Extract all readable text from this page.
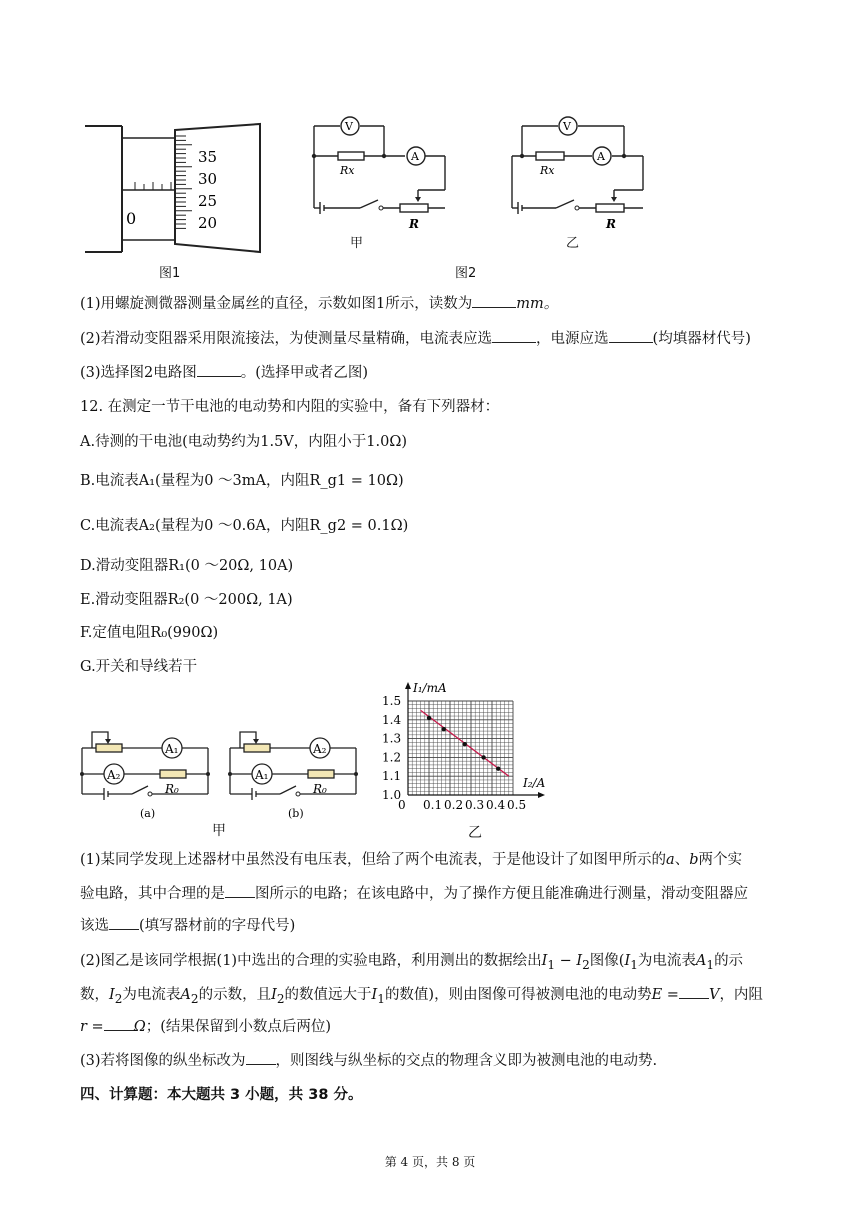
0
35
30
25
20
图1
V
A
Rx
R
甲
V
A
Rx
R
乙
图2
(1)用螺旋测微器测量金属丝的直径，示数如图1所示，读数为	mm。
(2)若滑动变阻器采用限流接法，为使测量尽量精确，电流表应选	，电源应选	(均填器材代号)
(3)选择图2电路图	。(选择甲或者乙图)
12. 在测定一节干电池的电动势和内阻的实验中，备有下列器材：
A.待测的干电池(电动势约为1.5V，内阻小于1.0Ω)
B.电流表A₁(量程为0 ～3mA，内阻R_g1 = 10Ω)
C.电流表A₂(量程为0 ～0.6A，内阻R_g2 = 0.1Ω)
D.滑动变阻器R₁(0 ～20Ω, 10A)
E.滑动变阻器R₂(0 ～200Ω, 1A)
F.定值电阻R₀(990Ω)
G.开关和导线若干
A₁
A₂
R₀
(a)
A₂
A₁
R₀
(b)
甲
0 0.1 0.2 0.3 0.4 0.5
1.0
1.1
1.2
1.3
1.4
1.5
I₁/mA
I₂/A
乙
(1)某同学发现上述器材中虽然没有电压表，但给了两个电流表，于是他设计了如图甲所示的a、b两个实
验电路，其中合理的是 图所示的电路；在该电路中，为了操作方便且能准确进行测量，滑动变阻器应
该选 (填写器材前的字母代号)
(2)图乙是该同学根据(1)中选出的合理的实验电路，利用测出的数据绘出$I_1 - I_2$图像($I_1$为电流表$A_1$的示
数，$I_2$为电流表$A_2$的示数，且$I_2$的数值远大于$I_1$的数值)，则由图像可得被测电池的电动势E = V，内阻
r = Ω；(结果保留到小数点后两位)
(3)若将图像的纵坐标改为 ，则图线与纵坐标的交点的物理含义即为被测电池的电动势.
四、计算题：本大题共 3 小题，共 38 分。
第 4 页，共 8 页
